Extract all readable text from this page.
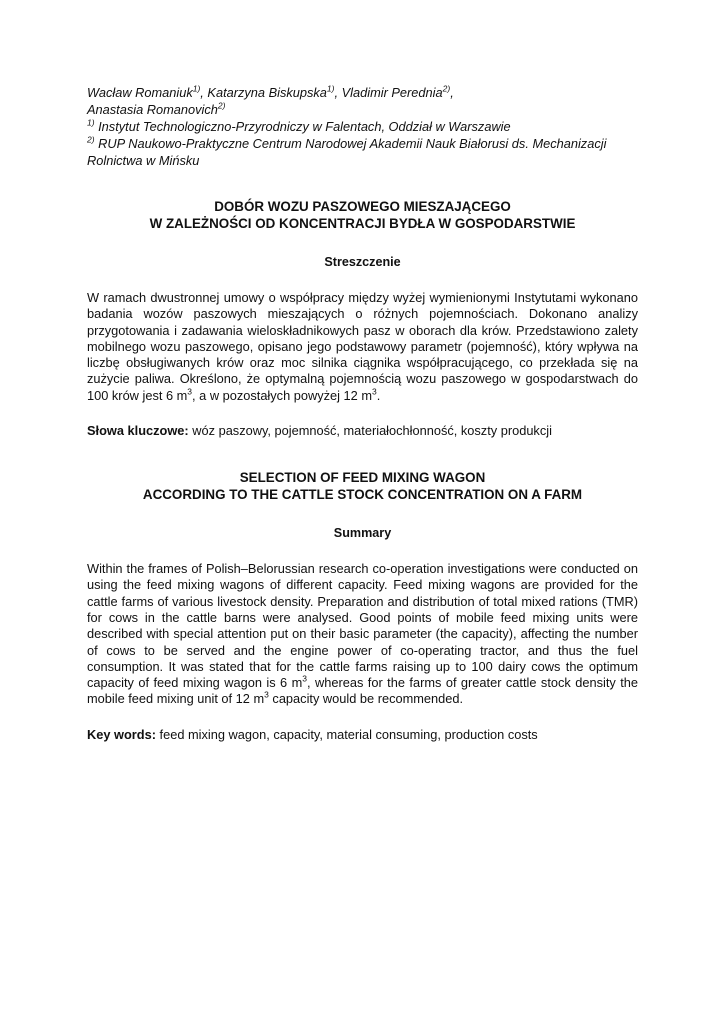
Wacław Romaniuk$^{1)}$, Katarzyna Biskupska$^{1)}$, Vladimir Perednia$^{2)}$,
Anastasia Romanovich$^{2)}$
$^{1)}$ Instytut Technologiczno-Przyrodniczy w Falentach, Oddział w Warszawie
$^{2)}$ RUP Naukowo-Praktyczne Centrum Narodowej Akademii Nauk Białorusi ds. Mechanizacji Rolnictwa w Mińsku
DOBÓR WOZU PASZOWEGO MIESZAJĄCEGO
W ZALEŻNOŚCI OD KONCENTRACJI BYDŁA W GOSPODARSTWIE
Streszczenie
W ramach dwustronnej umowy o współpracy między wyżej wymienionymi Instytutami wykonano badania wozów paszowych mieszających o różnych pojemnościach. Dokonano analizy przygotowania i zadawania wieloskładnikowych pasz w oborach dla krów. Przedstawiono zalety mobilnego wozu paszowego, opisano jego podstawowy parametr (pojemność), który wpływa na liczbę obsługiwanych krów oraz moc silnika ciągnika współpracującego, co przekłada się na zużycie paliwa. Określono, że optymalną pojemnością wozu paszowego w gospodarstwach do 100 krów jest 6 $m^3$, a w pozostałych powyżej 12 $m^3$.
Słowa kluczowe: wóz paszowy, pojemność, materiałochłonność, koszty produkcji
SELECTION OF FEED MIXING WAGON
ACCORDING TO THE CATTLE STOCK CONCENTRATION ON A FARM
Summary
Within the frames of Polish–Belorussian research co-operation investigations were conducted on using the feed mixing wagons of different capacity. Feed mixing wagons are provided for the cattle farms of various livestock density. Preparation and distribution of total mixed rations (TMR) for cows in the cattle barns were analysed. Good points of mobile feed mixing units were described with special attention put on their basic parameter (the capacity), affecting the number of cows to be served and the engine power of co-operating tractor, and thus the fuel consumption. It was stated that for the cattle farms raising up to 100 dairy cows the optimum capacity of feed mixing wagon is 6 $m^3$, whereas for the farms of greater cattle stock density the mobile feed mixing unit of 12 $m^3$ capacity would be recommended.
Key words: feed mixing wagon, capacity, material consuming, production costs
